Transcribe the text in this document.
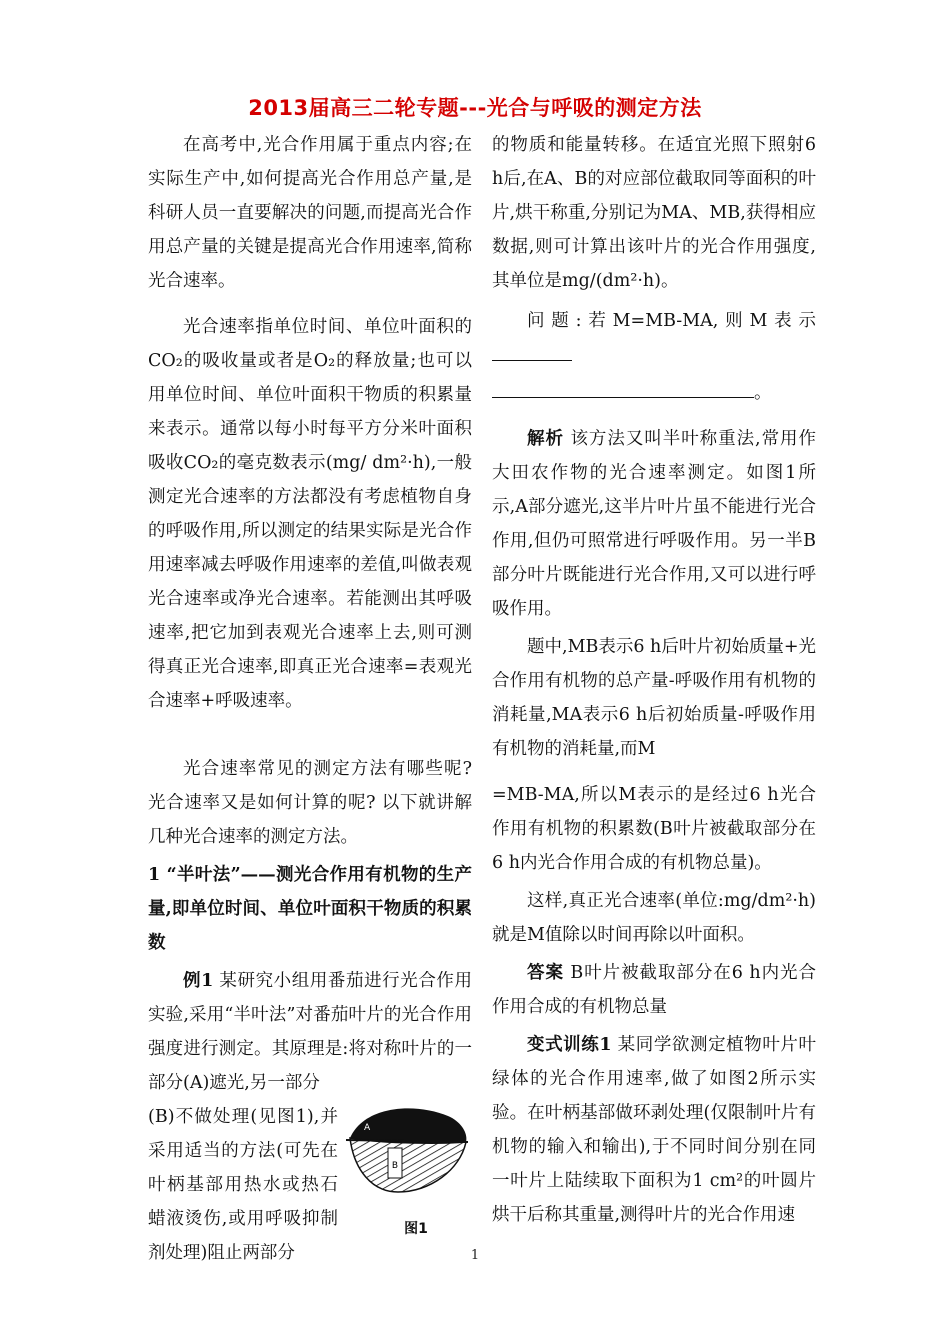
2013届高三二轮专题---光合与呼吸的测定方法

在高考中,光合作用属于重点内容;在实际生产中,如何提高光合作用总产量,是科研人员一直要解决的问题,而提高光合作用总产量的关键是提高光合作用速率,简称光合速率。

光合速率指单位时间、单位叶面积的CO₂的吸收量或者是O₂的释放量;也可以用单位时间、单位叶面积干物质的积累量来表示。通常以每小时每平方分米叶面积吸收CO₂的毫克数表示(mg/ dm²·h),一般测定光合速率的方法都没有考虑植物自身的呼吸作用,所以测定的结果实际是光合作用速率减去呼吸作用速率的差值,叫做表观光合速率或净光合速率。若能测出其呼吸速率,把它加到表观光合速率上去,则可测得真正光合速率,即真正光合速率=表观光合速率+呼吸速率。

光合速率常见的测定方法有哪些呢? 光合速率又是如何计算的呢? 以下就讲解几种光合速率的测定方法。

1 “半叶法”——测光合作用有机物的生产量,即单位时间、单位叶面积干物质的积累数

例1 某研究小组用番茄进行光合作用实验,采用“半叶法”对番茄叶片的光合作用强度进行测定。其原理是:将对称叶片的一部分(A)遮光,另一部分

(B)不做处理(见图1),并采用适当的方法(可先在叶柄基部用热水或热石蜡液烫伤,或用呼吸抑制剂处理)阻止两部分

B
A
图1

的物质和能量转移。在适宜光照下照射6 h后,在A、B的对应部位截取同等面积的叶片,烘干称重,分别记为MA、MB,获得相应数据,则可计算出该叶片的光合作用强度,其单位是mg/(dm²·h)。

问题:若M=MB-MA,则M表示

。

解析 该方法又叫半叶称重法,常用作大田农作物的光合速率测定。如图1所示,A部分遮光,这半片叶片虽不能进行光合作用,但仍可照常进行呼吸作用。另一半B部分叶片既能进行光合作用,又可以进行呼吸作用。

题中,MB表示6 h后叶片初始质量+光合作用有机物的总产量-呼吸作用有机物的消耗量,MA表示6 h后初始质量-呼吸作用有机物的消耗量,而M

=MB-MA,所以M表示的是经过6 h光合作用有机物的积累数(B叶片被截取部分在6 h内光合作用合成的有机物总量)。

这样,真正光合速率(单位:mg/dm²·h)就是M值除以时间再除以叶面积。

答案 B叶片被截取部分在6 h内光合作用合成的有机物总量

变式训练1 某同学欲测定植物叶片叶绿体的光合作用速率,做了如图2所示实验。在叶柄基部做环剥处理(仅限制叶片有机物的输入和输出),于不同时间分别在同一叶片上陆续取下面积为1 cm²的叶圆片烘干后称其重量,测得叶片的光合作用速

1
